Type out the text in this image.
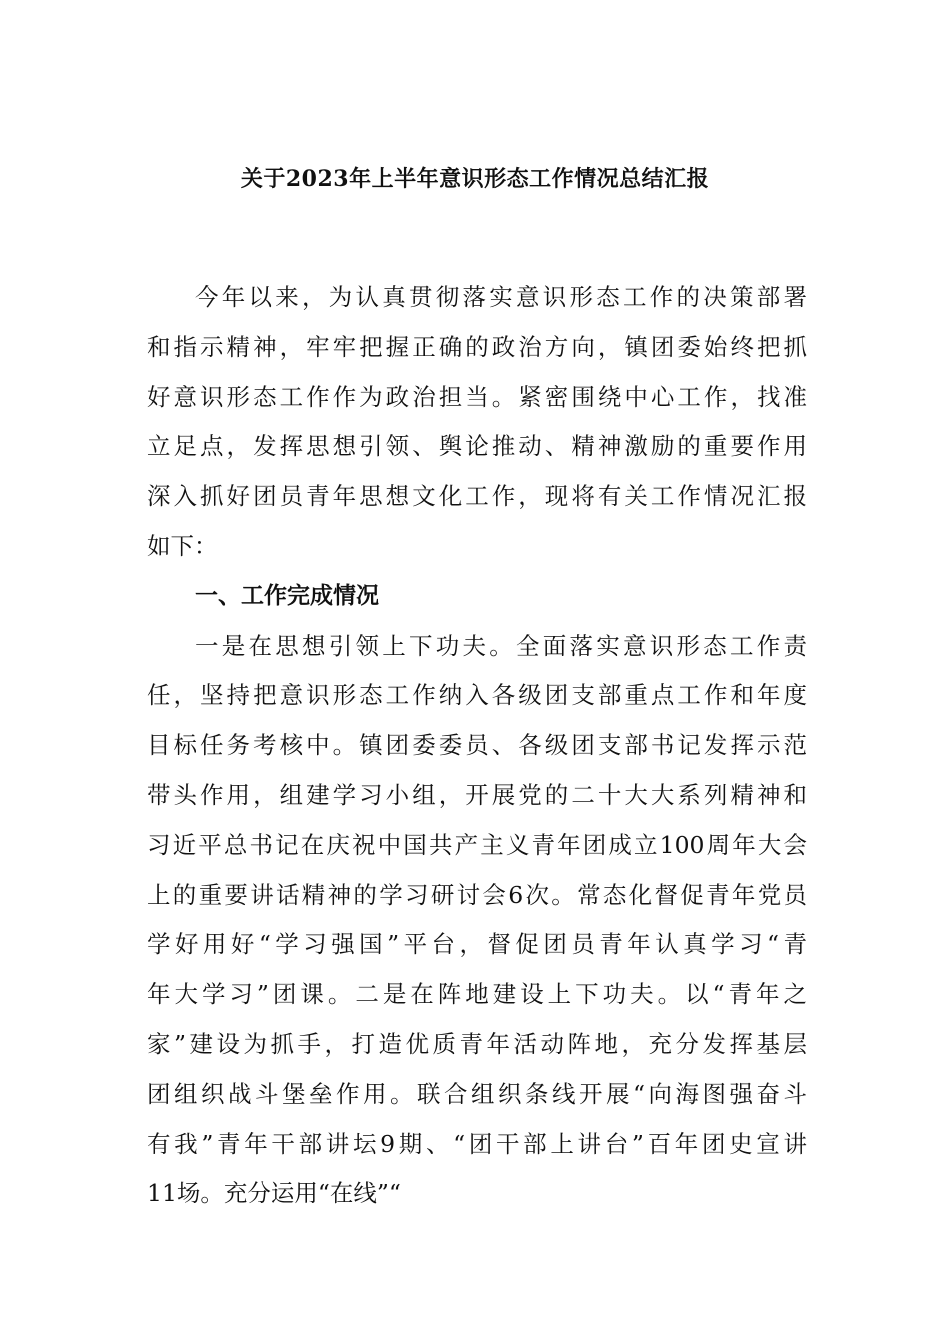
关于2023年上半年意识形态工作情况总结汇报
今年以来，为认真贯彻落实意识形态工作的决策部署
和指示精神，牢牢把握正确的政治方向，镇团委始终把抓
好意识形态工作作为政治担当。紧密围绕中心工作，找准
立足点，发挥思想引领、舆论推动、精神激励的重要作用
深入抓好团员青年思想文化工作，现将有关工作情况汇报
如下：
一、工作完成情况
一是在思想引领上下功夫。全面落实意识形态工作责
任，坚持把意识形态工作纳入各级团支部重点工作和年度
目标任务考核中。镇团委委员、各级团支部书记发挥示范
带头作用，组建学习小组，开展党的二十大大系列精神和
习近平总书记在庆祝中国共产主义青年团成立100周年大会
上的重要讲话精神的学习研讨会6次。常态化督促青年党员
学好用好“学习强国”平台，督促团员青年认真学习“青
年大学习”团课。二是在阵地建设上下功夫。以“青年之
家”建设为抓手，打造优质青年活动阵地，充分发挥基层
团组织战斗堡垒作用。联合组织条线开展“向海图强奋斗
有我”青年干部讲坛9期、“团干部上讲台”百年团史宣讲
11场。充分运用“在线”“
